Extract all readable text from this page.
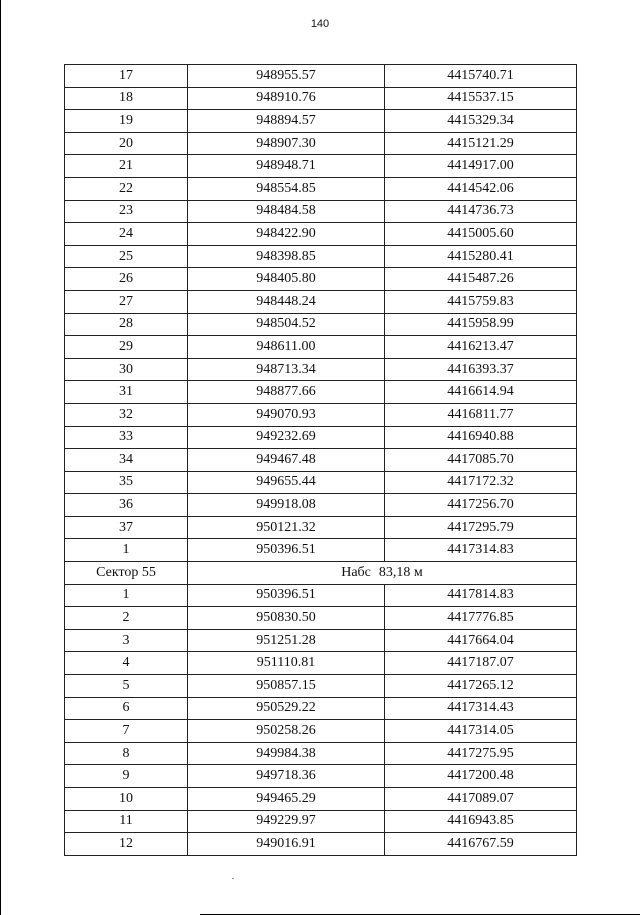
140
17	948955.57	4415740.71
18	948910.76	4415537.15
19	948894.57	4415329.34
20	948907.30	4415121.29
21	948948.71	4414917.00
22	948554.85	4414542.06
23	948484.58	4414736.73
24	948422.90	4415005.60
25	948398.85	4415280.41
26	948405.80	4415487.26
27	948448.24	4415759.83
28	948504.52	4415958.99
29	948611.00	4416213.47
30	948713.34	4416393.37
31	948877.66	4416614.94
32	949070.93	4416811.77
33	949232.69	4416940.88
34	949467.48	4417085.70
35	949655.44	4417172.32
36	949918.08	4417256.70
37	950121.32	4417295.79
1	950396.51	4417314.83
Сектор 55	Набс 83,18 м	
1	950396.51	4417814.83
2	950830.50	4417776.85
3	951251.28	4417664.04
4	951110.81	4417187.07
5	950857.15	4417265.12
6	950529.22	4417314.43
7	950258.26	4417314.05
8	949984.38	4417275.95
9	949718.36	4417200.48
10	949465.29	4417089.07
11	949229.97	4416943.85
12	949016.91	4416767.59
